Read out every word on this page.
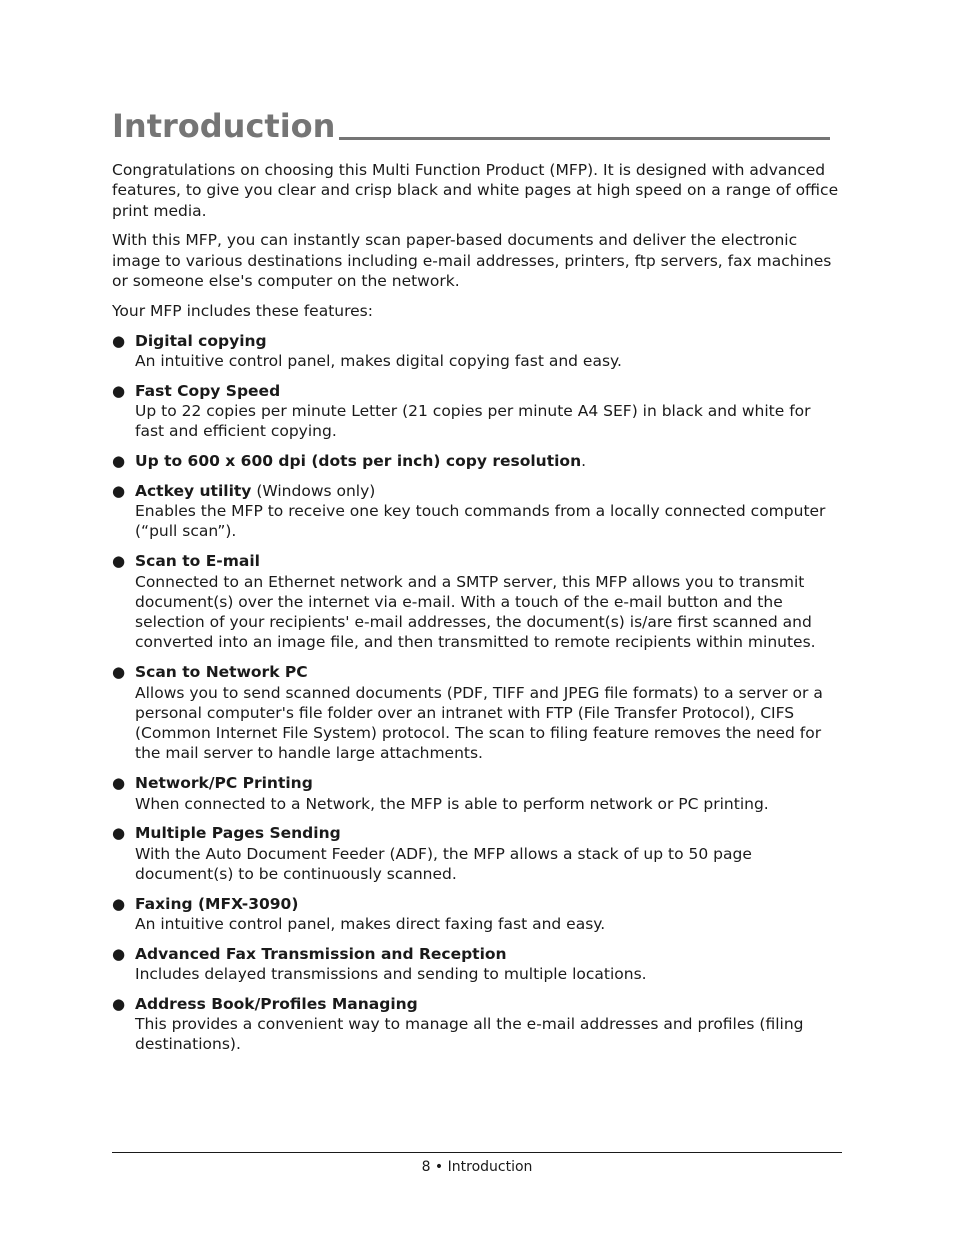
Introduction

Congratulations on choosing this Multi Function Product (MFP). It is designed with advanced features, to give you clear and crisp black and white pages at high speed on a range of office print media.

With this MFP, you can instantly scan paper-based documents and deliver the electronic image to various destinations including e-mail addresses, printers, ftp servers, fax machines or someone else's computer on the network.

Your MFP includes these features:

● Digital copying
An intuitive control panel, makes digital copying fast and easy.
● Fast Copy Speed
Up to 22 copies per minute Letter (21 copies per minute A4 SEF) in black and white for fast and efficient copying.
● Up to 600 x 600 dpi (dots per inch) copy resolution.
● Actkey utility (Windows only)
Enables the MFP to receive one key touch commands from a locally connected computer (“pull scan”).
● Scan to E-mail
Connected to an Ethernet network and a SMTP server, this MFP allows you to transmit document(s) over the internet via e-mail. With a touch of the e-mail button and the selection of your recipients' e-mail addresses, the document(s) is/are first scanned and converted into an image file, and then transmitted to remote recipients within minutes.
● Scan to Network PC
Allows you to send scanned documents (PDF, TIFF and JPEG file formats) to a server or a personal computer's file folder over an intranet with FTP (File Transfer Protocol), CIFS (Common Internet File System) protocol. The scan to filing feature removes the need for the mail server to handle large attachments.
● Network/PC Printing
When connected to a Network, the MFP is able to perform network or PC printing.
● Multiple Pages Sending
With the Auto Document Feeder (ADF), the MFP allows a stack of up to 50 page document(s) to be continuously scanned.
● Faxing (MFX-3090)
An intuitive control panel, makes direct faxing fast and easy.
● Advanced Fax Transmission and Reception
Includes delayed transmissions and sending to multiple locations.
● Address Book/Profiles Managing
This provides a convenient way to manage all the e-mail addresses and profiles (filing destinations).
8 • Introduction
